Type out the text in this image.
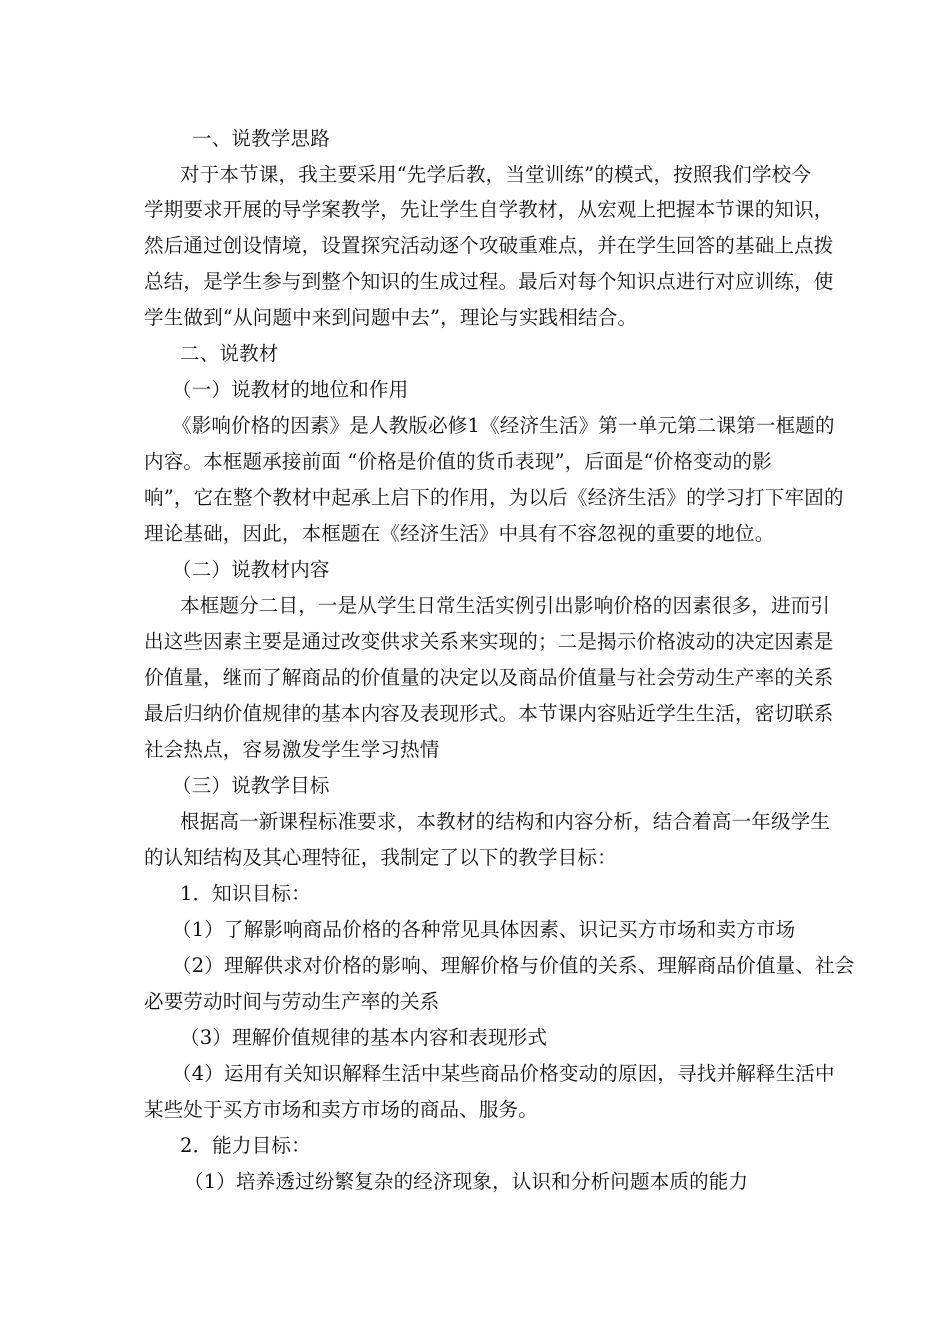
一、说教学思路
对于本节课，我主要采用“先学后教，当堂训练”的模式，按照我们学校今
学期要求开展的导学案教学，先让学生自学教材，从宏观上把握本节课的知识，
然后通过创设情境，设置探究活动逐个攻破重难点，并在学生回答的基础上点拨
总结，是学生参与到整个知识的生成过程。最后对每个知识点进行对应训练，使
学生做到“从问题中来到问题中去”，理论与实践相结合。
二、说教材
（一）说教材的地位和作用
《影响价格的因素》是人教版必修1《经济生活》第一单元第二课第一框题的
内容。本框题承接前面 “价格是价值的货币表现”，后面是“价格变动的影
响”，它在整个教材中起承上启下的作用，为以后《经济生活》的学习打下牢固的
理论基础，因此，本框题在《经济生活》中具有不容忽视的重要的地位。
（二）说教材内容
本框题分二目，一是从学生日常生活实例引出影响价格的因素很多，进而引
出这些因素主要是通过改变供求关系来实现的；二是揭示价格波动的决定因素是
价值量，继而了解商品的价值量的决定以及商品价值量与社会劳动生产率的关系
最后归纳价值规律的基本内容及表现形式。本节课内容贴近学生生活，密切联系
社会热点，容易激发学生学习热情
（三）说教学目标
根据高一新课程标准要求，本教材的结构和内容分析，结合着高一年级学生
的认知结构及其心理特征，我制定了以下的教学目标：
1．知识目标：
（1）了解影响商品价格的各种常见具体因素、识记买方市场和卖方市场
（2）理解供求对价格的影响、理解价格与价值的关系、理解商品价值量、社会
必要劳动时间与劳动生产率的关系
（3）理解价值规律的基本内容和表现形式
（4）运用有关知识解释生活中某些商品价格变动的原因，寻找并解释生活中
某些处于买方市场和卖方市场的商品、服务。
2．能力目标：
（1）培养透过纷繁复杂的经济现象，认识和分析问题本质的能力
